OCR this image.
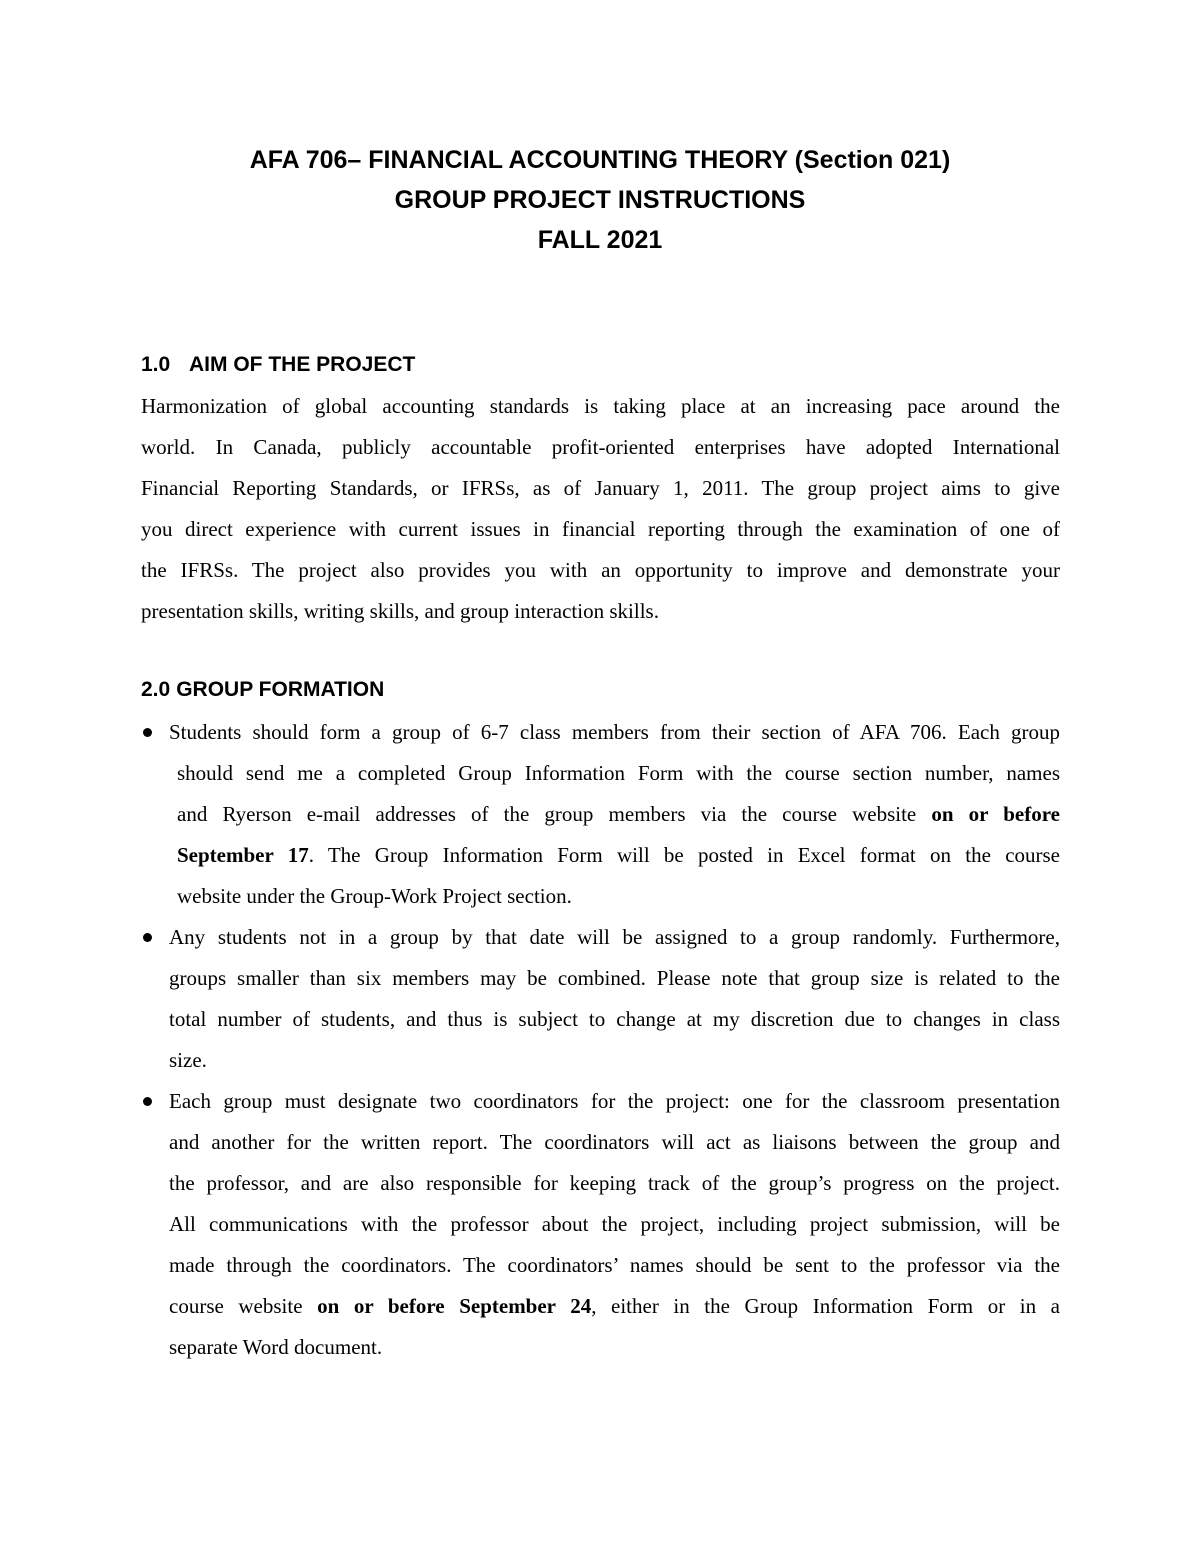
AFA 706– FINANCIAL ACCOUNTING THEORY (Section 021)
GROUP PROJECT INSTRUCTIONS
FALL 2021
1.0 AIM OF THE PROJECT
Harmonization of global accounting standards is taking place at an increasing pace around the
world. In Canada, publicly accountable profit-oriented enterprises have adopted International
Financial Reporting Standards, or IFRSs, as of January 1, 2011. The group project aims to give
you direct experience with current issues in financial reporting through the examination of one of
the IFRSs. The project also provides you with an opportunity to improve and demonstrate your
presentation skills, writing skills, and group interaction skills.
2.0 GROUP FORMATION
Students should form a group of 6-7 class members from their section of AFA 706. Each group
should send me a completed Group Information Form with the course section number, names
and Ryerson e-mail addresses of the group members via the course website on or before
September 17. The Group Information Form will be posted in Excel format on the course
website under the Group-Work Project section.
Any students not in a group by that date will be assigned to a group randomly. Furthermore,
groups smaller than six members may be combined. Please note that group size is related to the
total number of students, and thus is subject to change at my discretion due to changes in class
size.
Each group must designate two coordinators for the project: one for the classroom presentation
and another for the written report. The coordinators will act as liaisons between the group and
the professor, and are also responsible for keeping track of the group’s progress on the project.
All communications with the professor about the project, including project submission, will be
made through the coordinators. The coordinators’ names should be sent to the professor via the
course website on or before September 24, either in the Group Information Form or in a
separate Word document.
